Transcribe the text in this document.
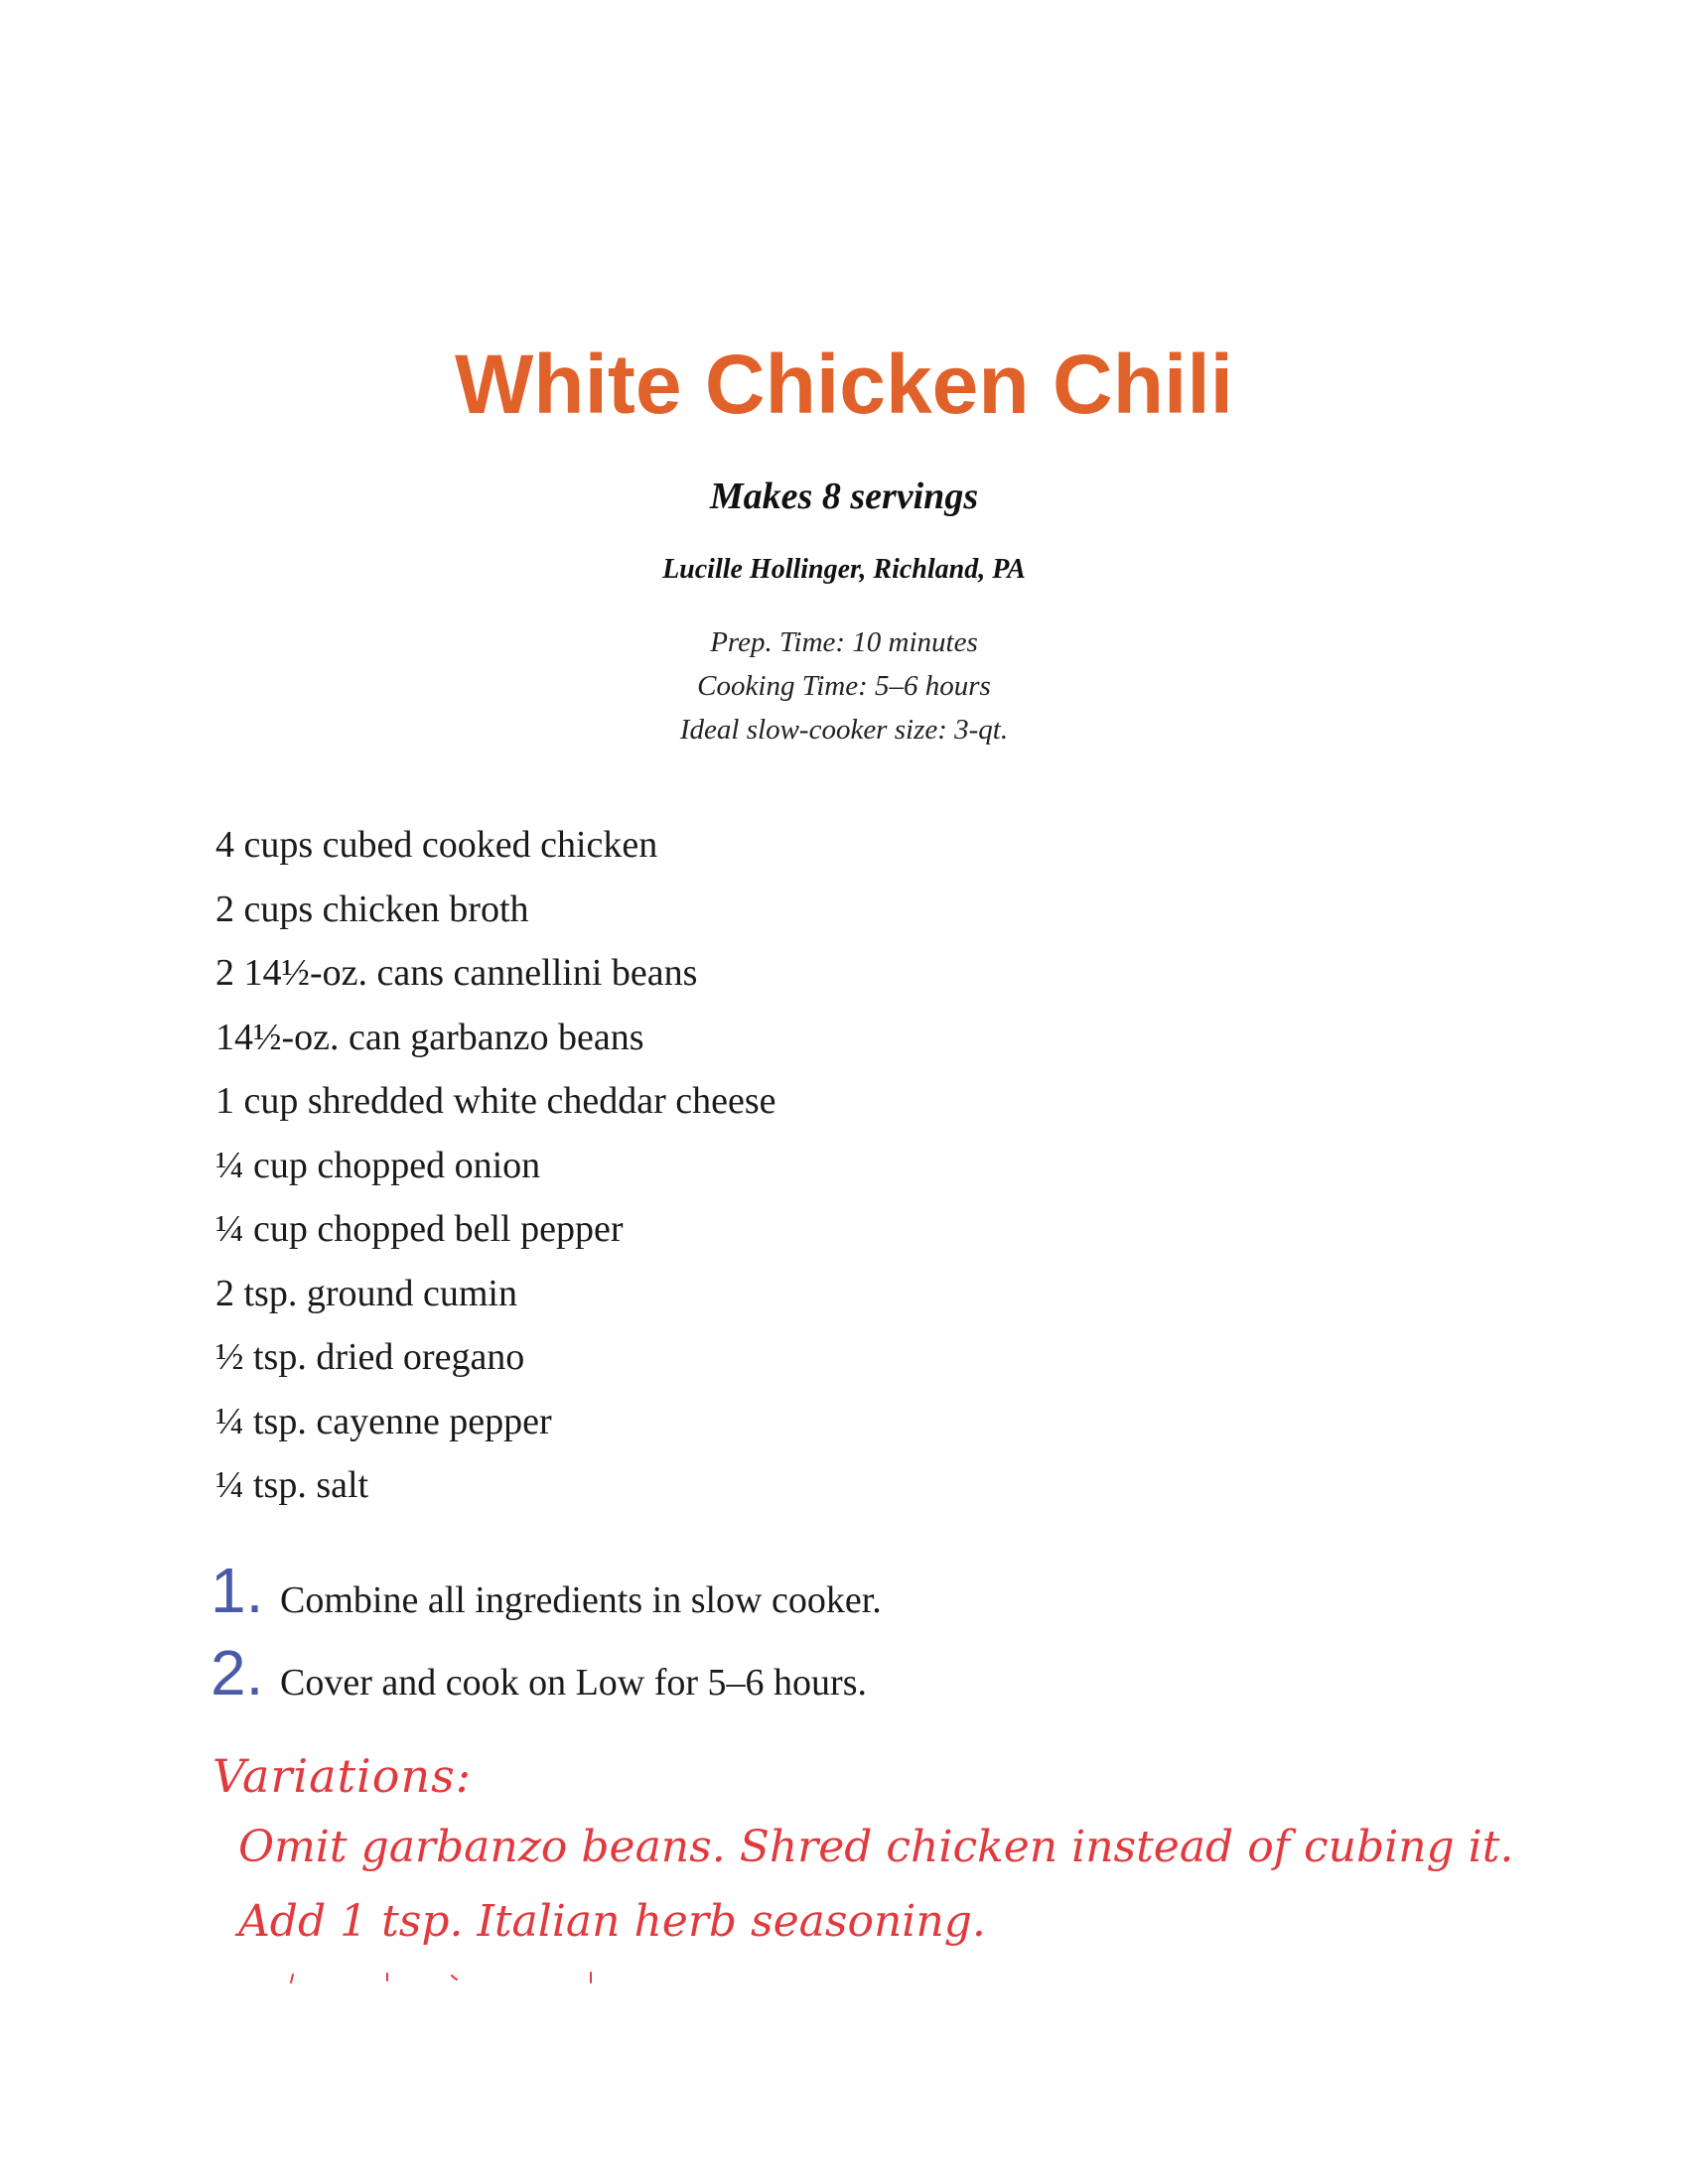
White Chicken Chili
Makes 8 servings
Lucille Hollinger, Richland, PA
Prep. Time: 10 minutes
Cooking Time: 5–6 hours
Ideal slow-cooker size: 3-qt.
4 cups cubed cooked chicken
2 cups chicken broth
2 14½-oz. cans cannellini beans
14½-oz. can garbanzo beans
1 cup shredded white cheddar cheese
¼ cup chopped onion
¼ cup chopped bell pepper
2 tsp. ground cumin
½ tsp. dried oregano
¼ tsp. cayenne pepper
¼ tsp. salt
1. Combine all ingredients in slow cooker.
2. Cover and cook on Low for 5–6 hours.
Variations:
Omit garbanzo beans. Shred chicken instead of cubing it.
Add 1 tsp. Italian herb seasoning.
